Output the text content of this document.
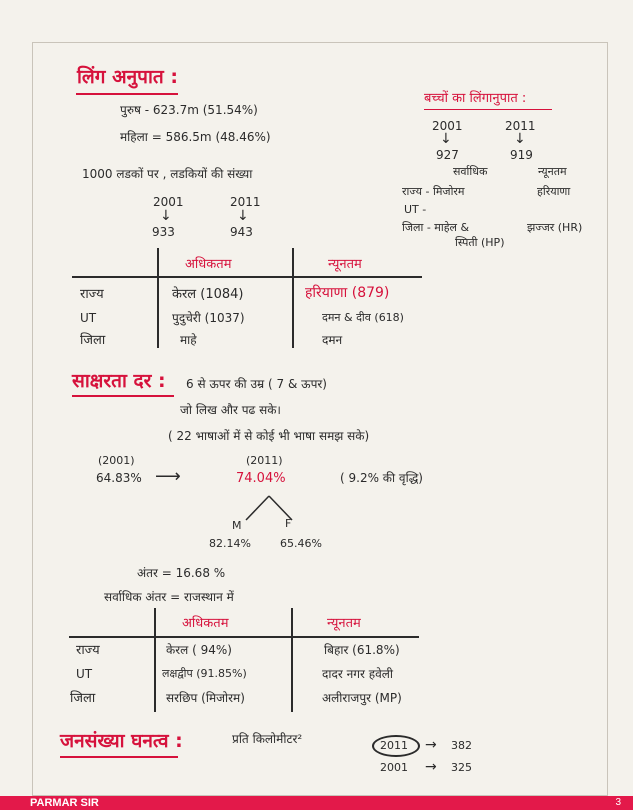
लिंग अनुपात :
पुरुष - 623.7m (51.54%)
महिला = 586.5m (48.46%)
1000 लडकों पर , लडकियों की संख्या
2001	2011
↓	↓
933	943
अधिकतम	न्यूनतम
राज्य	केरल (1084)	हरियाणा (879)
UT	पुदुचेरी (1037)	दमन & दीव (618)
जिला	माहे	दमन
बच्चों का लिंगानुपात :
2001	2011
↓	↓
927	919
सर्वाधिक	न्यूनतम
राज्य - मिजोरम	हरियाणा
UT -
जिला - माहेल &	झज्जर (HR)
स्पिती (HP)
साक्षरता दर : 6 से ऊपर की उम्र ( 7 & ऊपर)
जो लिख और पढ सके।
( 22 भाषाओं में से कोई भी भाषा समझ सके)
(2001)
64.83% ⟶
(2011)
74.04%	( 9.2% की वृद्धि)
M	F
82.14%	65.46%
अंतर = 16.68 %
सर्वाधिक अंतर = राजस्थान में
अधिकतम	न्यूनतम
राज्य	केरल ( 94%)	बिहार (61.8%)
UT	लक्षद्वीप (91.85%)	दादर नगर हवेली
जिला	सरछिप (मिजोरम)	अलीराजपुर (MP)
जनसंख्या घनत्व :	प्रति किलोमीटर²	2011 → 382
2001 → 325
PARMAR SIR	3
